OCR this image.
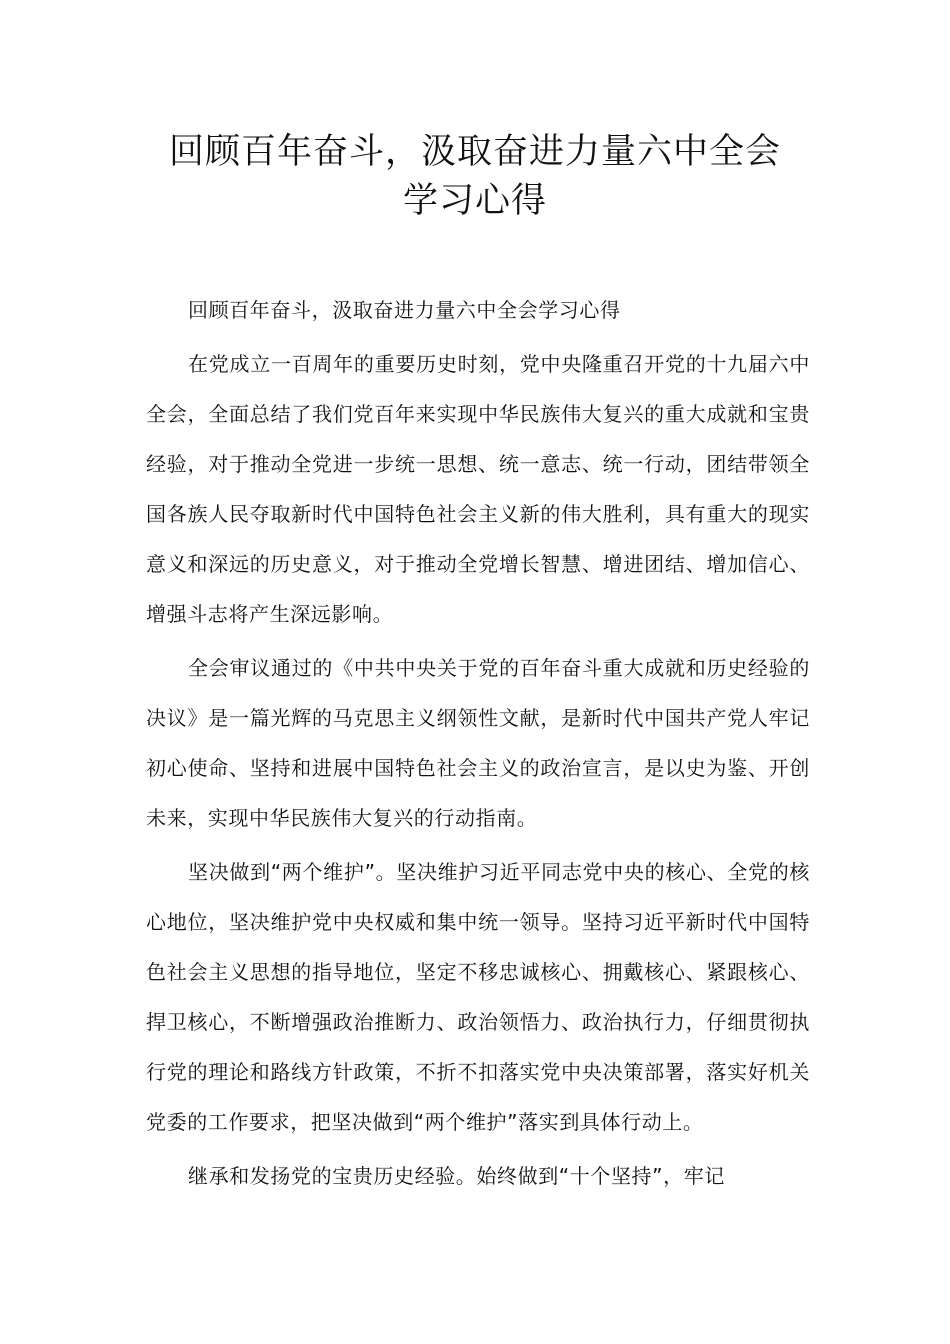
回顾百年奋斗，汲取奋进力量六中全会
学习心得

回顾百年奋斗，汲取奋进力量六中全会学习心得

在党成立一百周年的重要历史时刻，党中央隆重召开党的十九届六中全会，全面总结了我们党百年来实现中华民族伟大复兴的重大成就和宝贵经验，对于推动全党进一步统一思想、统一意志、统一行动，团结带领全国各族人民夺取新时代中国特色社会主义新的伟大胜利，具有重大的现实意义和深远的历史意义，对于推动全党增长智慧、增进团结、增加信心、增强斗志将产生深远影响。

全会审议通过的《中共中央关于党的百年奋斗重大成就和历史经验的决议》是一篇光辉的马克思主义纲领性文献，是新时代中国共产党人牢记初心使命、坚持和进展中国特色社会主义的政治宣言，是以史为鉴、开创未来，实现中华民族伟大复兴的行动指南。

坚决做到“两个维护”。坚决维护习近平同志党中央的核心、全党的核心地位，坚决维护党中央权威和集中统一领导。坚持习近平新时代中国特色社会主义思想的指导地位，坚定不移忠诚核心、拥戴核心、紧跟核心、捍卫核心，不断增强政治推断力、政治领悟力、政治执行力，仔细贯彻执行党的理论和路线方针政策，不折不扣落实党中央决策部署，落实好机关党委的工作要求，把坚决做到“两个维护”落实到具体行动上。

继承和发扬党的宝贵历史经验。始终做到“十个坚持”，牢记
